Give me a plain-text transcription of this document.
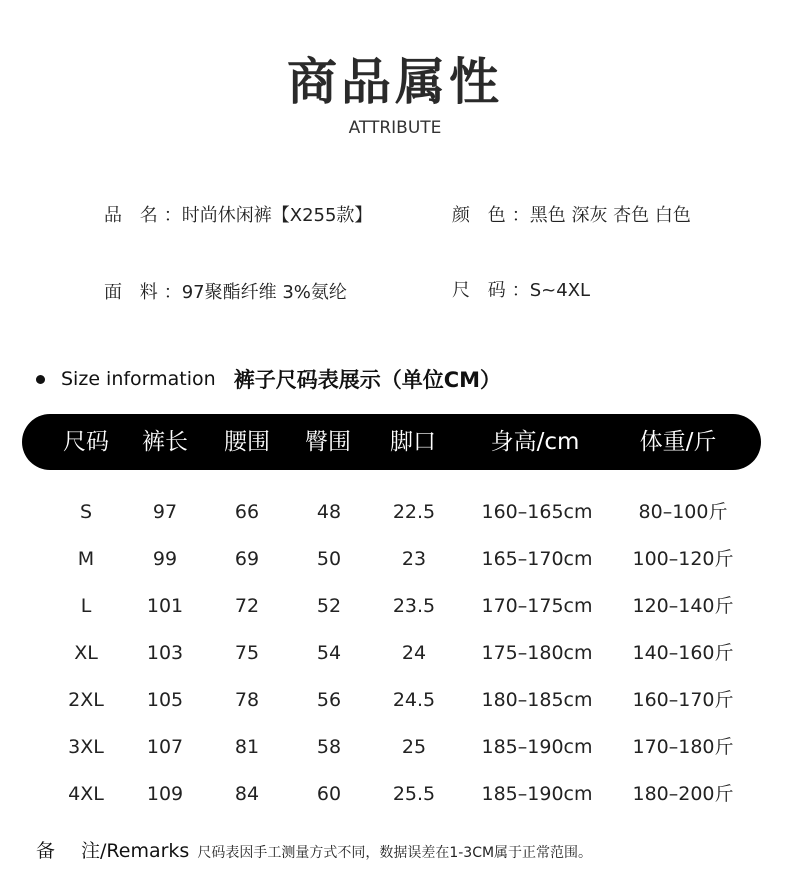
商品属性
ATTRIBUTE
品 名：时尚休闲裤【X255款】	颜 色：黑色 深灰 杏色 白色
面 料：97聚酯纤维 3%氨纶	尺 码：S~4XL
Size information 裤子尺码表展示（单位CM）
尺码 裤长 腰围 臀围 脚口 身高/cm	体重/斤
S	97	66	48	22.5 160–165cm 80–100斤
M	99	69	50	23	165–170cm 100–120斤
L	101	72	52	23.5 170–175cm 120–140斤
XL	103	75	54	24	175–180cm 140–160斤
2XL 105	78	56	24.5 180–185cm 160–170斤
3XL 107	81	58	25	185–190cm 170–180斤
4XL 109	84	60	25.5 185–190cm 180–200斤
备注/Remarks 尺码表因手工测量方式不同，数据误差在1-3CM属于正常范围。
